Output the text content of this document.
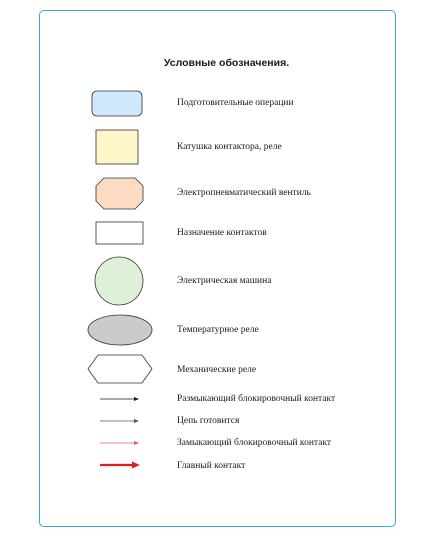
Условные обозначения.
Подготовительные операции
Катушка контактора, реле
Электропневматический вентиль
Назначение контактов
Электрическая машина
Температурное реле
Механические реле
Размыкающий блокировочный контакт
Цепь готовится
Замыкающий блокировочный контакт
Главный контакт
